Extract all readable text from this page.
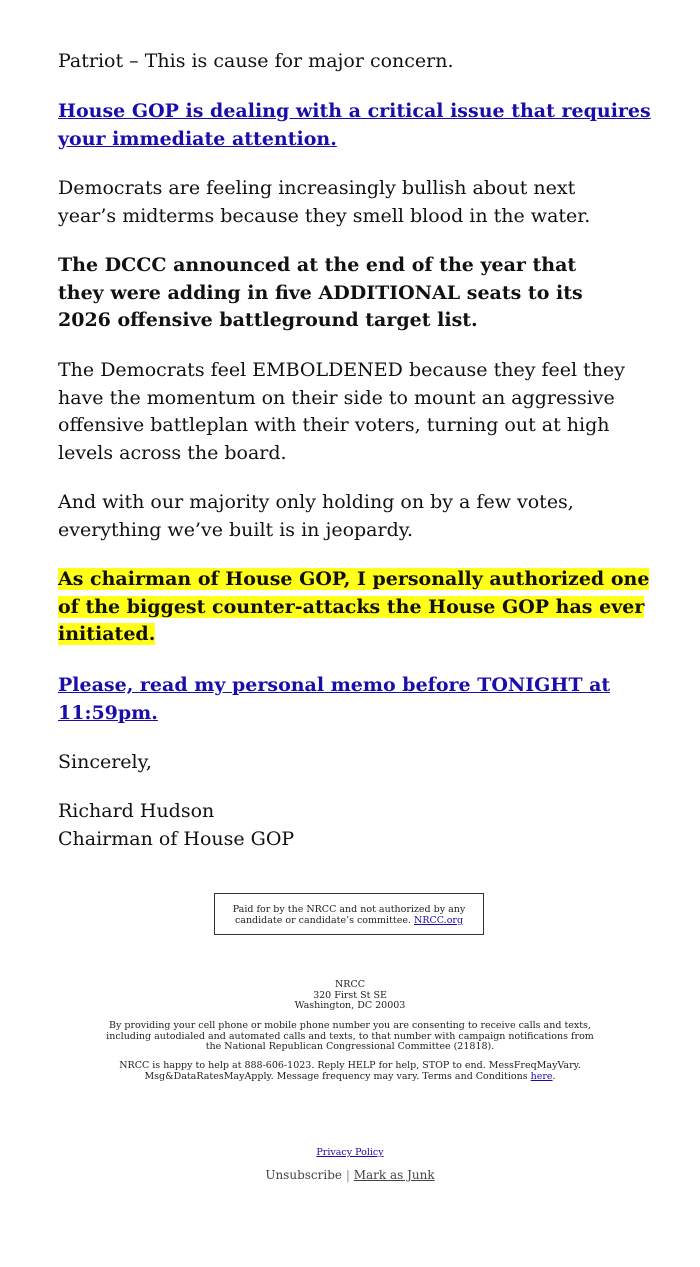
Patriot – This is cause for major concern.

House GOP is dealing with a critical issue that requires your immediate attention.

Democrats are feeling increasingly bullish about next year’s midterms because they smell blood in the water.

The DCCC announced at the end of the year that they were adding in five ADDITIONAL seats to its 2026 offensive battleground target list.

The Democrats feel EMBOLDENED because they feel they have the momentum on their side to mount an aggressive offensive battleplan with their voters, turning out at high levels across the board.

And with our majority only holding on by a few votes, everything we’ve built is in jeopardy.

As chairman of House GOP, I personally authorized one of the biggest counter-attacks the House GOP has ever initiated.

Please, read my personal memo before TONIGHT at 11:59pm.

Sincerely,

Richard Hudson
Chairman of House GOP

Paid for by the NRCC and not authorized by any candidate or candidate’s committee. NRCC.org
NRCC
320 First St SE
Washington, DC 20003
By providing your cell phone or mobile phone number you are consenting to receive calls and texts, including autodialed and automated calls and texts, to that number with campaign notifications from the National Republican Congressional Committee (21818).
NRCC is happy to help at 888-606-1023. Reply HELP for help, STOP to end. MessFreqMayVary. Msg&DataRatesMayApply. Message frequency may vary. Terms and Conditions here.
Privacy Policy
Unsubscribe | Mark as Junk
